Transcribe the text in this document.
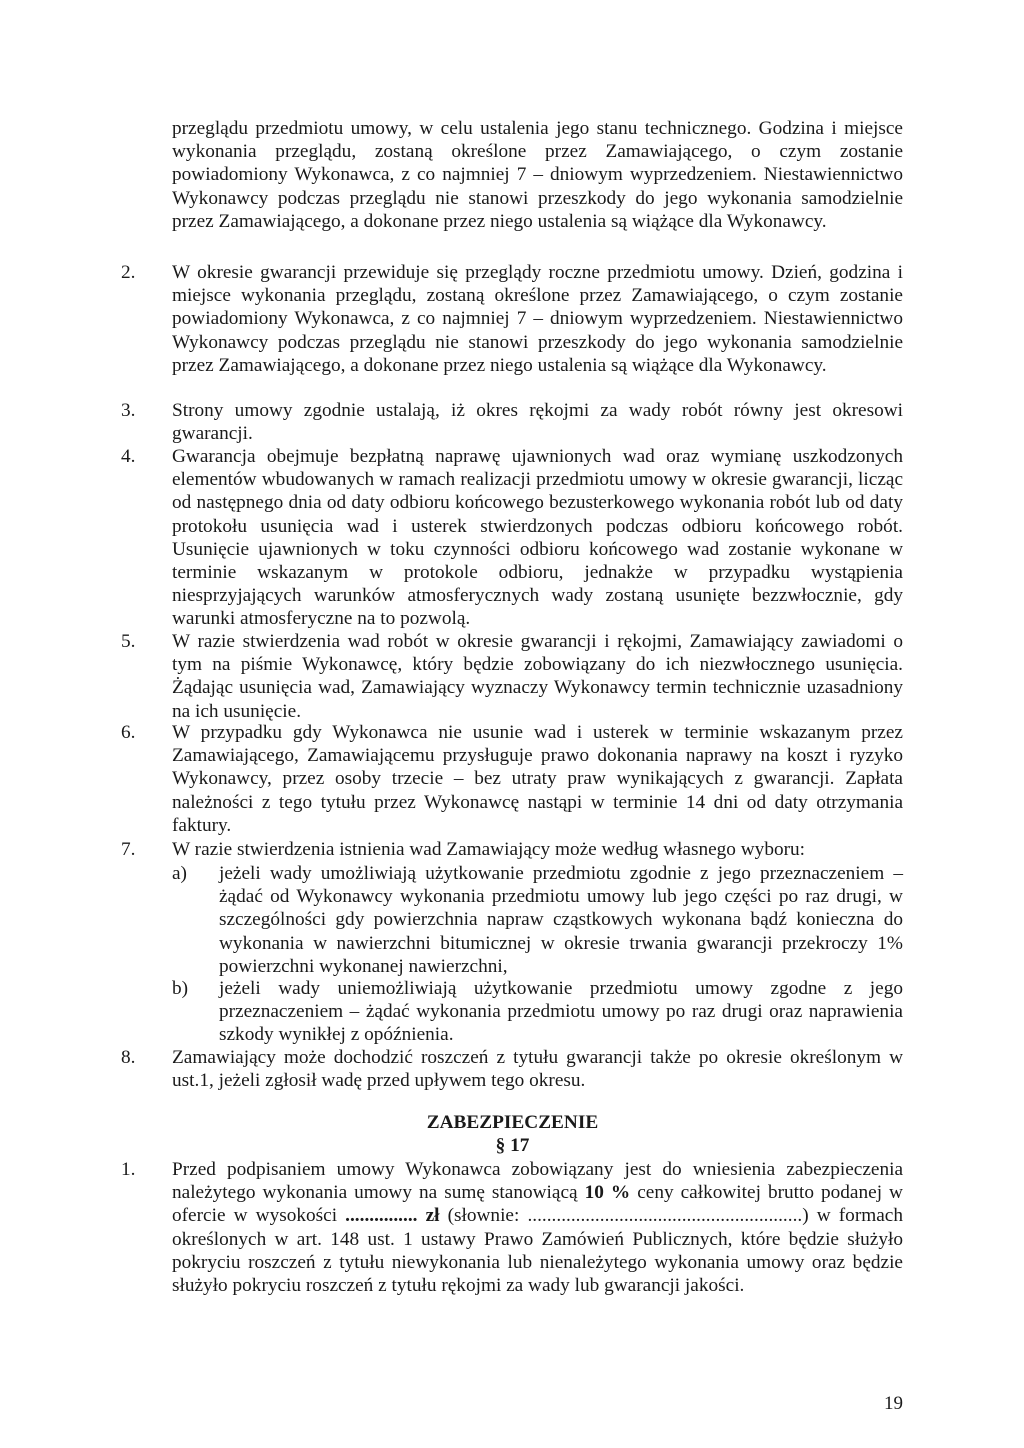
przeglądu przedmiotu umowy, w celu ustalenia jego stanu technicznego. Godzina i miejsce wykonania przeglądu, zostaną określone przez Zamawiającego, o czym zostanie powiadomiony Wykonawca, z co najmniej 7 – dniowym wyprzedzeniem. Niestawiennictwo Wykonawcy podczas przeglądu nie stanowi przeszkody do jego wykonania samodzielnie przez Zamawiającego, a dokonane przez niego ustalenia są wiążące dla Wykonawcy.
2.	W okresie gwarancji przewiduje się przeglądy roczne przedmiotu umowy. Dzień, godzina i miejsce wykonania przeglądu, zostaną określone przez Zamawiającego, o czym zostanie powiadomiony Wykonawca, z co najmniej 7 – dniowym wyprzedzeniem. Niestawiennictwo Wykonawcy podczas przeglądu nie stanowi przeszkody do jego wykonania samodzielnie przez Zamawiającego, a dokonane przez niego ustalenia są wiążące dla Wykonawcy.
3.	Strony umowy zgodnie ustalają, iż okres rękojmi za wady robót równy jest okresowi gwarancji.
4.	Gwarancja obejmuje bezpłatną naprawę ujawnionych wad oraz wymianę uszkodzonych elementów wbudowanych w ramach realizacji przedmiotu umowy w okresie gwarancji, licząc od następnego dnia od daty odbioru końcowego bezusterkowego wykonania robót lub od daty protokołu usunięcia wad i usterek stwierdzonych podczas odbioru końcowego robót. Usunięcie ujawnionych w toku czynności odbioru końcowego wad zostanie wykonane w terminie wskazanym w protokole odbioru, jednakże w przypadku wystąpienia niesprzyjających warunków atmosferycznych wady zostaną usunięte bezzwłocznie, gdy warunki atmosferyczne na to pozwolą.
5.	W razie stwierdzenia wad robót w okresie gwarancji i rękojmi, Zamawiający zawiadomi o tym na piśmie Wykonawcę, który będzie zobowiązany do ich niezwłocznego usunięcia. Żądając usunięcia wad, Zamawiający wyznaczy Wykonawcy termin technicznie uzasadniony na ich usunięcie.
6.	W przypadku gdy Wykonawca nie usunie wad i usterek w terminie wskazanym przez Zamawiającego, Zamawiającemu przysługuje prawo dokonania naprawy na koszt i ryzyko Wykonawcy, przez osoby trzecie – bez utraty praw wynikających z gwarancji. Zapłata należności z tego tytułu przez Wykonawcę nastąpi w terminie 14 dni od daty otrzymania faktury.
7.	W razie stwierdzenia istnienia wad Zamawiający może według własnego wyboru:
a)	jeżeli wady umożliwiają użytkowanie przedmiotu zgodnie z jego przeznaczeniem – żądać od Wykonawcy wykonania przedmiotu umowy lub jego części po raz drugi, w szczególności gdy powierzchnia napraw cząstkowych wykonana bądź konieczna do wykonania w nawierzchni bitumicznej w okresie trwania gwarancji przekroczy 1% powierzchni wykonanej nawierzchni,
b)	jeżeli wady uniemożliwiają użytkowanie przedmiotu umowy zgodne z jego przeznaczeniem – żądać wykonania przedmiotu umowy po raz drugi oraz naprawienia szkody wynikłej z opóźnienia.
8.	Zamawiający może dochodzić roszczeń z tytułu gwarancji także po okresie określonym w ust.1, jeżeli zgłosił wadę przed upływem tego okresu.
ZABEZPIECZENIE
§ 17
1.	Przed podpisaniem umowy Wykonawca zobowiązany jest do wniesienia zabezpieczenia należytego wykonania umowy na sumę stanowiącą 10 % ceny całkowitej brutto podanej w ofercie w wysokości ............... zł (słownie: .........................................................) w formach określonych w art. 148 ust. 1 ustawy Prawo Zamówień Publicznych, które będzie służyło pokryciu roszczeń z tytułu niewykonania lub nienależytego wykonania umowy oraz będzie służyło pokryciu roszczeń z tytułu rękojmi za wady lub gwarancji jakości.
19
